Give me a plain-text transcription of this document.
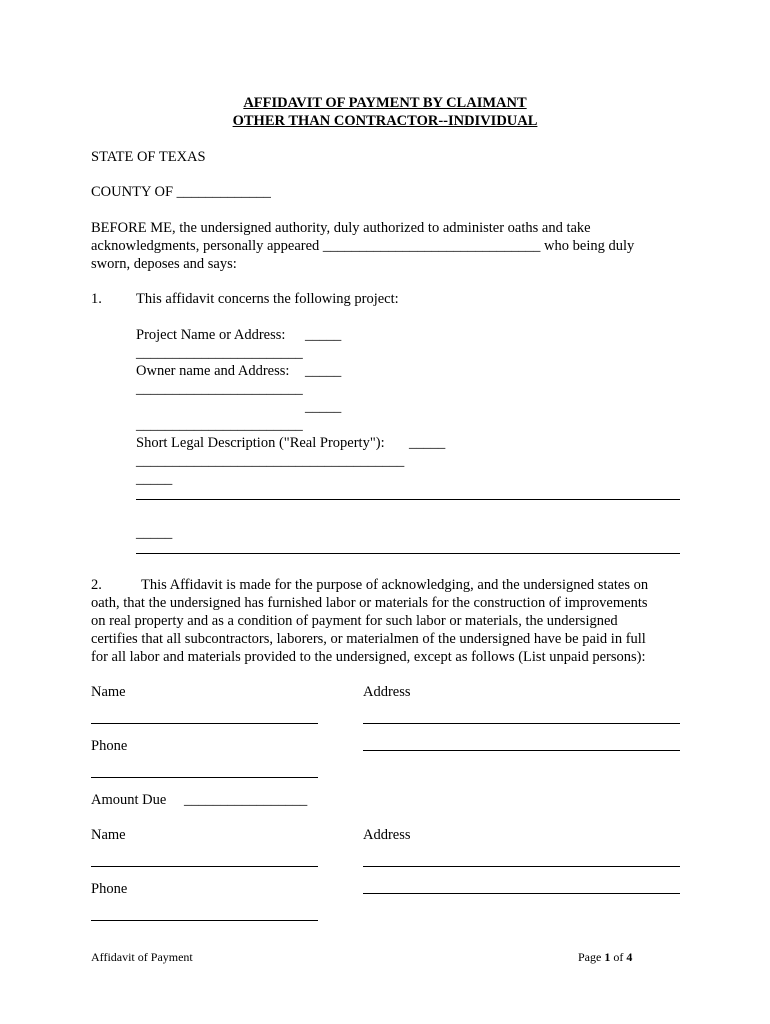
AFFIDAVIT OF PAYMENT BY CLAIMANT
OTHER THAN CONTRACTOR--INDIVIDUAL
STATE OF TEXAS
COUNTY OF _____________
BEFORE ME, the undersigned authority, duly authorized to administer oaths and take
acknowledgments, personally appeared ______________________________ who being duly
sworn, deposes and says:
1. This affidavit concerns the following project:
Project Name or Address: _____
_______________________
Owner name and Address: _____
_______________________
_____
_______________________
Short Legal Description ("Real Property"): _____
_____________________________________
_____
_____
2.	This Affidavit is made for the purpose of acknowledging, and the undersigned states on
oath, that the undersigned has furnished labor or materials for the construction of improvements
on real property and as a condition of payment for such labor or materials, the undersigned
certifies that all subcontractors, laborers, or materialmen of the undersigned have be paid in full
for all labor and materials provided to the undersigned, except as follows (List unpaid persons):
Name	Address
Phone
Amount Due _________________
Name	Address
Phone
Affidavit of Payment	Page 1 of 4
